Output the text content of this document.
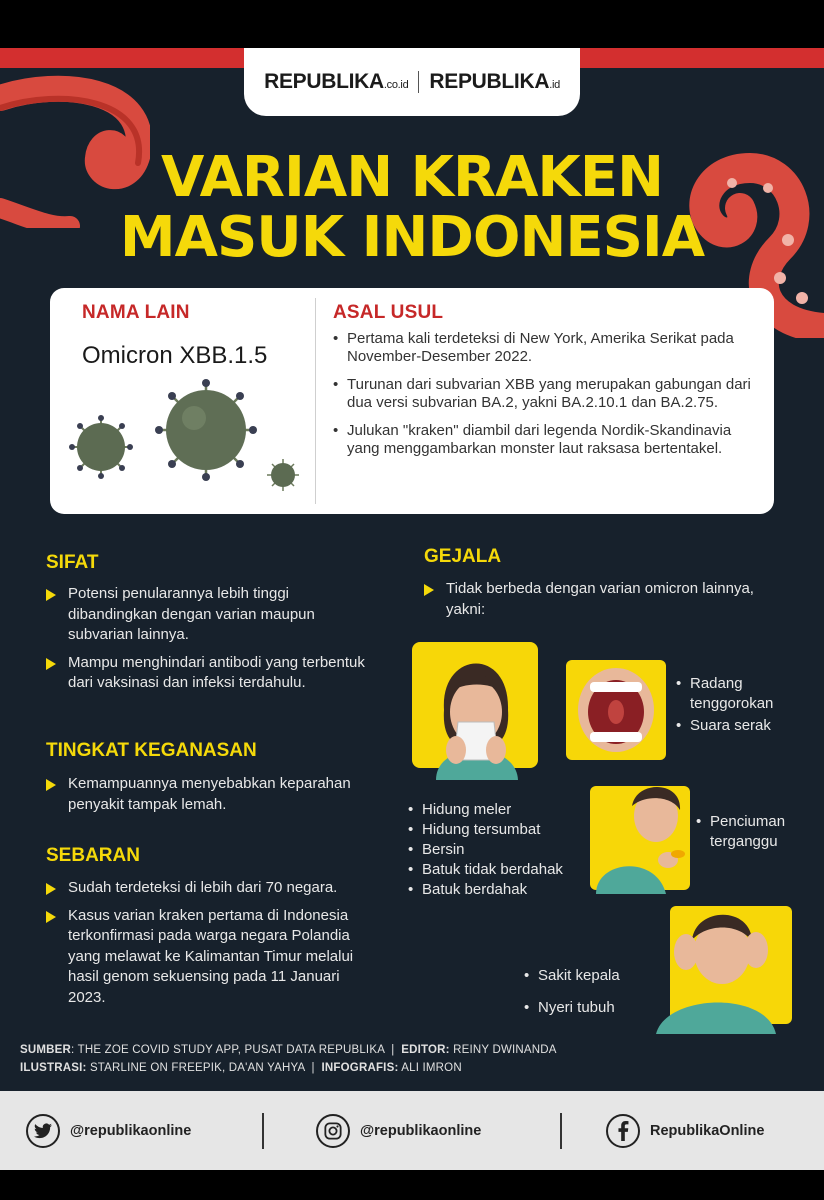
REPUBLIKA.co.id REPUBLIKA.id
VARIAN KRAKEN
MASUK INDONESIA
NAMA LAIN
Omicron XBB.1.5
ASAL USUL
• Pertama kali terdeteksi di New York, Amerika Serikat pada November-Desember 2022.
• Turunan dari subvarian XBB yang merupakan gabungan dari dua versi subvarian BA.2, yakni BA.2.10.1 dan BA.2.75.
• Julukan "kraken" diambil dari legenda Nordik-Skandinavia yang menggambarkan monster laut raksasa bertentakel.
SIFAT
Potensi penularannya lebih tinggi dibandingkan dengan varian maupun subvarian lainnya.
Mampu menghindari antibodi yang terbentuk dari vaksinasi dan infeksi terdahulu.
TINGKAT KEGANASAN
Kemampuannya menyebabkan keparahan penyakit tampak lemah.
SEBARAN
Sudah terdeteksi di lebih dari 70 negara.
Kasus varian kraken pertama di Indonesia terkonfirmasi pada warga negara Polandia yang melawat ke Kalimantan Timur melalui hasil genom sekuensing pada 11 Januari 2023.
GEJALA
Tidak berbeda dengan varian omicron lainnya, yakni:
• Radang tenggorokan
• Suara serak
• Hidung meler
• Hidung tersumbat
• Bersin
• Batuk tidak berdahak
• Batuk berdahak
• Penciuman terganggu
• Sakit kepala
• Nyeri tubuh
SUMBER: THE ZOE COVID STUDY APP, PUSAT DATA REPUBLIKA  |  EDITOR: REINY DWINANDA
ILUSTRASI: STARLINE ON FREEPIK, DA'AN YAHYA  |  INFOGRAFIS: ALI IMRON
@republikaonline	@republikaonline	RepublikaOnline
